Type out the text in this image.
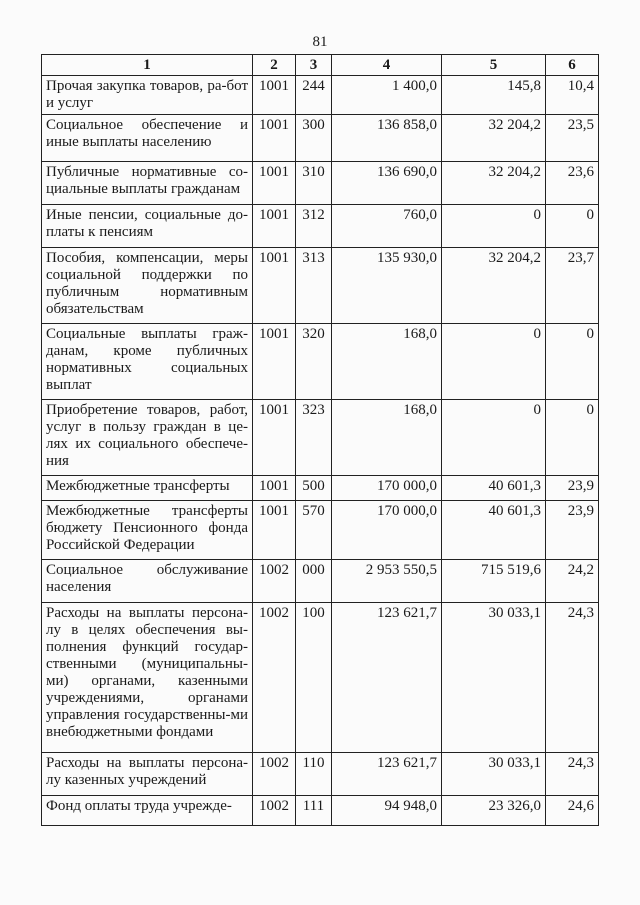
81
1	2	3	4	5	6
Прочая закупка товаров, ра-бот и услуг	1001	244	1 400,0	145,8	10,4
Социальное обеспечение и иные выплаты населению	1001	300	136 858,0	32 204,2	23,5
Публичные нормативные со-циальные выплаты гражданам	1001	310	136 690,0	32 204,2	23,6
Иные пенсии, социальные до-платы к пенсиям	1001	312	760,0	0	0
Пособия, компенсации, меры социальной поддержки по публичным нормативным обязательствам	1001	313	135 930,0	32 204,2	23,7
Социальные выплаты граж-данам, кроме публичных нормативных социальных выплат	1001	320	168,0	0	0
Приобретение товаров, работ, услуг в пользу граждан в це-лях их социального обеспече-ния	1001	323	168,0	0	0
Межбюджетные трансферты	1001	500	170 000,0	40 601,3	23,9
Межбюджетные трансферты бюджету Пенсионного фонда Российской Федерации	1001	570	170 000,0	40 601,3	23,9
Социальное обслуживание населения	1002	000	2 953 550,5	715 519,6	24,2
Расходы на выплаты персона-лу в целях обеспечения вы-полнения функций государ-ственными (муниципальны-ми) органами, казенными учреждениями, органами управления государственны-ми внебюджетными фондами	1002	100	123 621,7	30 033,1	24,3
Расходы на выплаты персона-лу казенных учреждений	1002	110	123 621,7	30 033,1	24,3
Фонд оплаты труда учрежде-	1002	111	94 948,0	23 326,0	24,6
